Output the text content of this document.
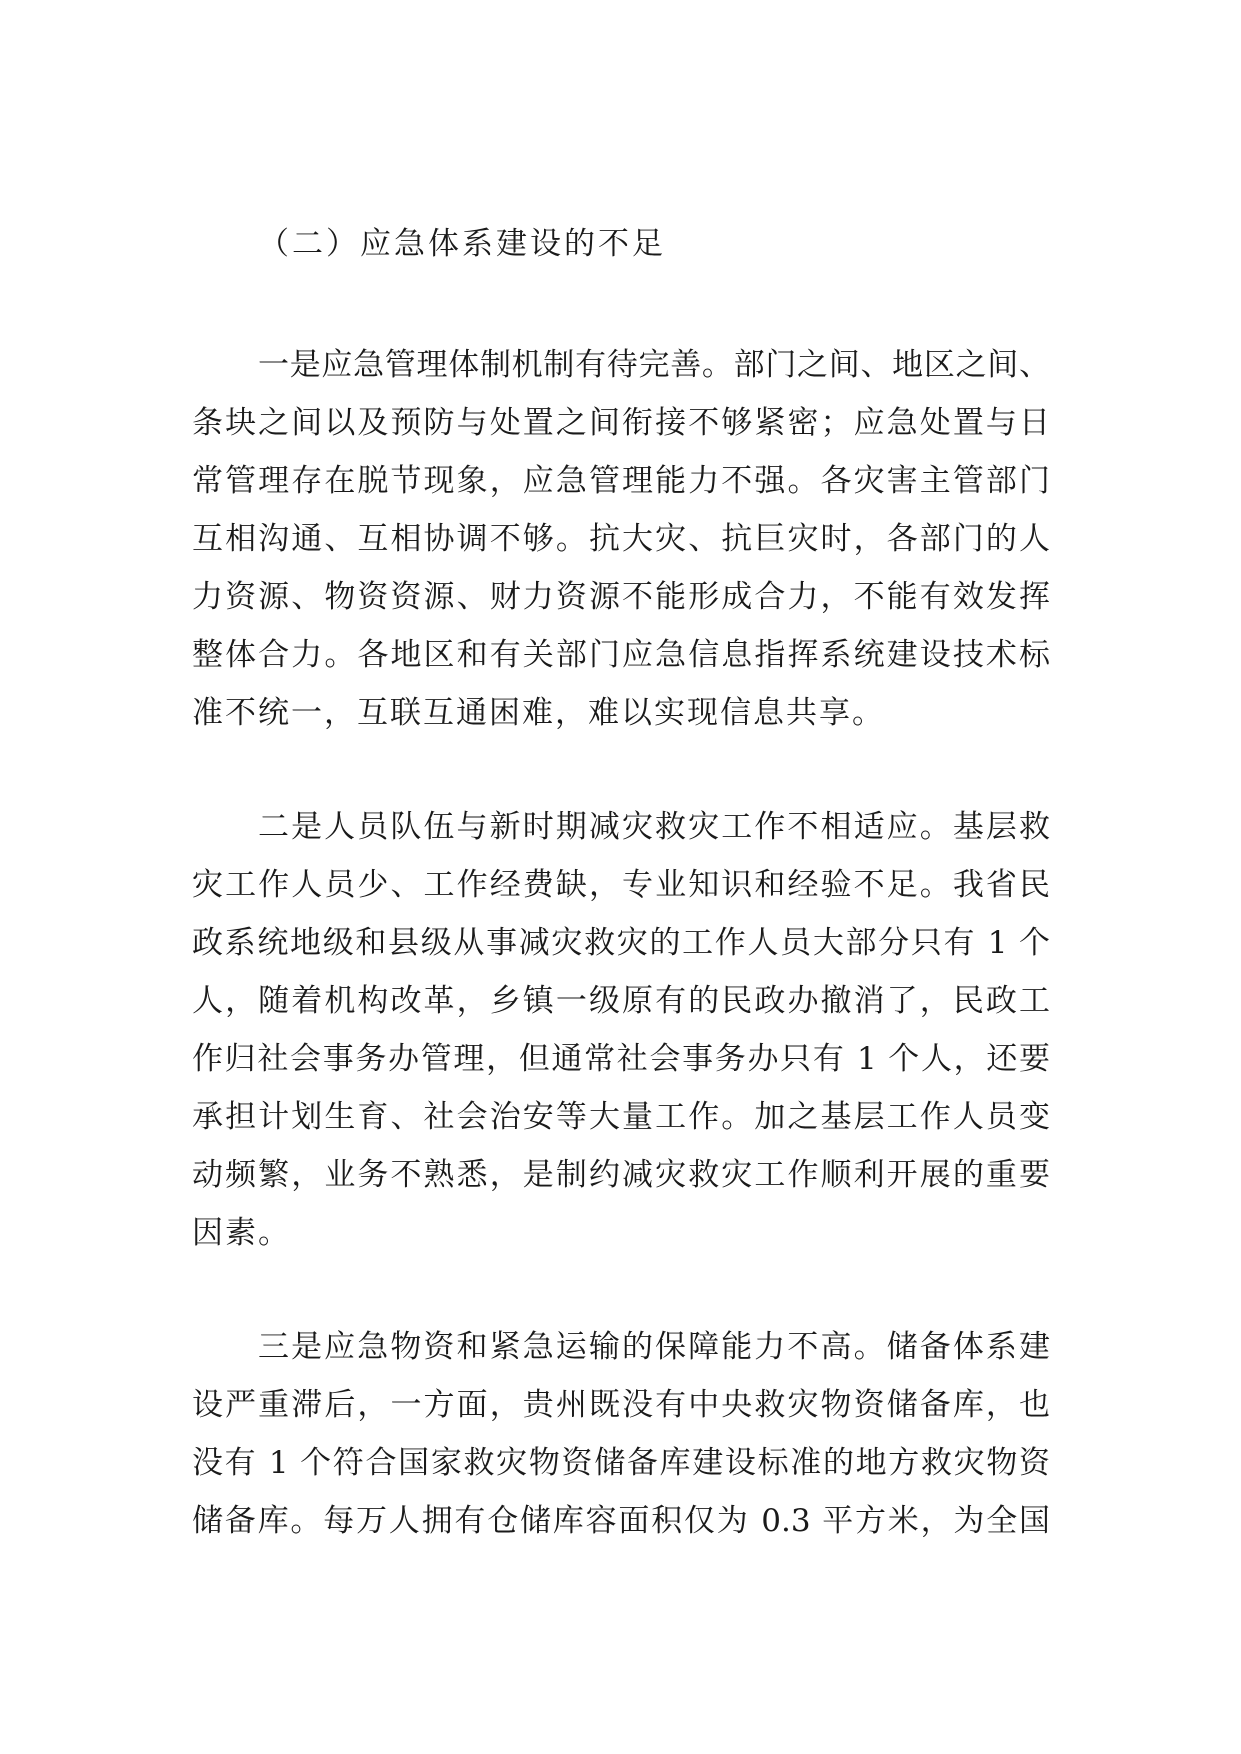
（二）应急体系建设的不足
一是应急管理体制机制有待完善。部门之间、地区之间、
条块之间以及预防与处置之间衔接不够紧密；应急处置与日
常管理存在脱节现象，应急管理能力不强。各灾害主管部门
互相沟通、互相协调不够。抗大灾、抗巨灾时，各部门的人
力资源、物资资源、财力资源不能形成合力，不能有效发挥
整体合力。各地区和有关部门应急信息指挥系统建设技术标
准不统一，互联互通困难，难以实现信息共享。
二是人员队伍与新时期减灾救灾工作不相适应。基层救
灾工作人员少、工作经费缺，专业知识和经验不足。我省民
政系统地级和县级从事减灾救灾的工作人员大部分只有 1 个
人，随着机构改革，乡镇一级原有的民政办撤消了，民政工
作归社会事务办管理，但通常社会事务办只有 1 个人，还要
承担计划生育、社会治安等大量工作。加之基层工作人员变
动频繁，业务不熟悉，是制约减灾救灾工作顺利开展的重要
因素。
三是应急物资和紧急运输的保障能力不高。储备体系建
设严重滞后，一方面，贵州既没有中央救灾物资储备库，也
没有 1 个符合国家救灾物资储备库建设标准的地方救灾物资
储备库。每万人拥有仓储库容面积仅为 0.3 平方米，为全国
